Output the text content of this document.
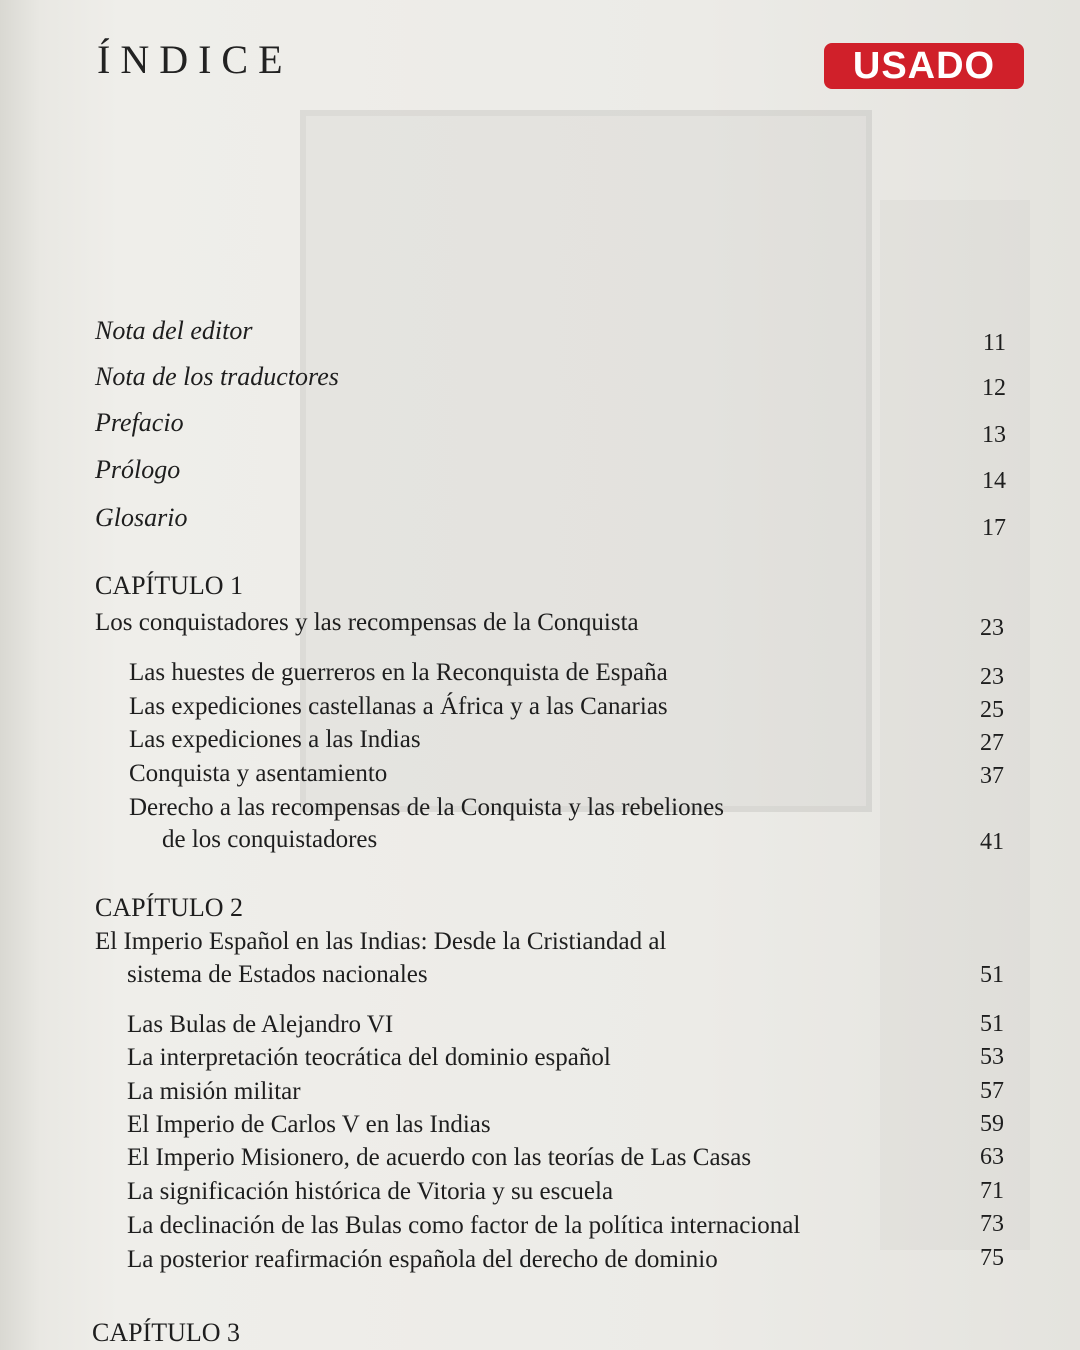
ÍNDICE	USADO
Nota del editor	11
Nota de los traductores	12
Prefacio	13
Prólogo	14
Glosario	17
CAPÍTULO 1
Los conquistadores y las recompensas de la Conquista	23
Las huestes de guerreros en la Reconquista de España	23
Las expediciones castellanas a África y a las Canarias	25
Las expediciones a las Indias	27
Conquista y asentamiento	37
Derecho a las recompensas de la Conquista y las rebeliones
de los conquistadores	41
CAPÍTULO 2
El Imperio Español en las Indias: Desde la Cristiandad al
sistema de Estados nacionales	51
Las Bulas de Alejandro VI	51
La interpretación teocrática del dominio español	53
La misión militar	57
El Imperio de Carlos V en las Indias	59
El Imperio Misionero, de acuerdo con las teorías de Las Casas	63
La significación histórica de Vitoria y su escuela	71
La declinación de las Bulas como factor de la política internacional	73
La posterior reafirmación española del derecho de dominio	75
CAPÍTULO 3
